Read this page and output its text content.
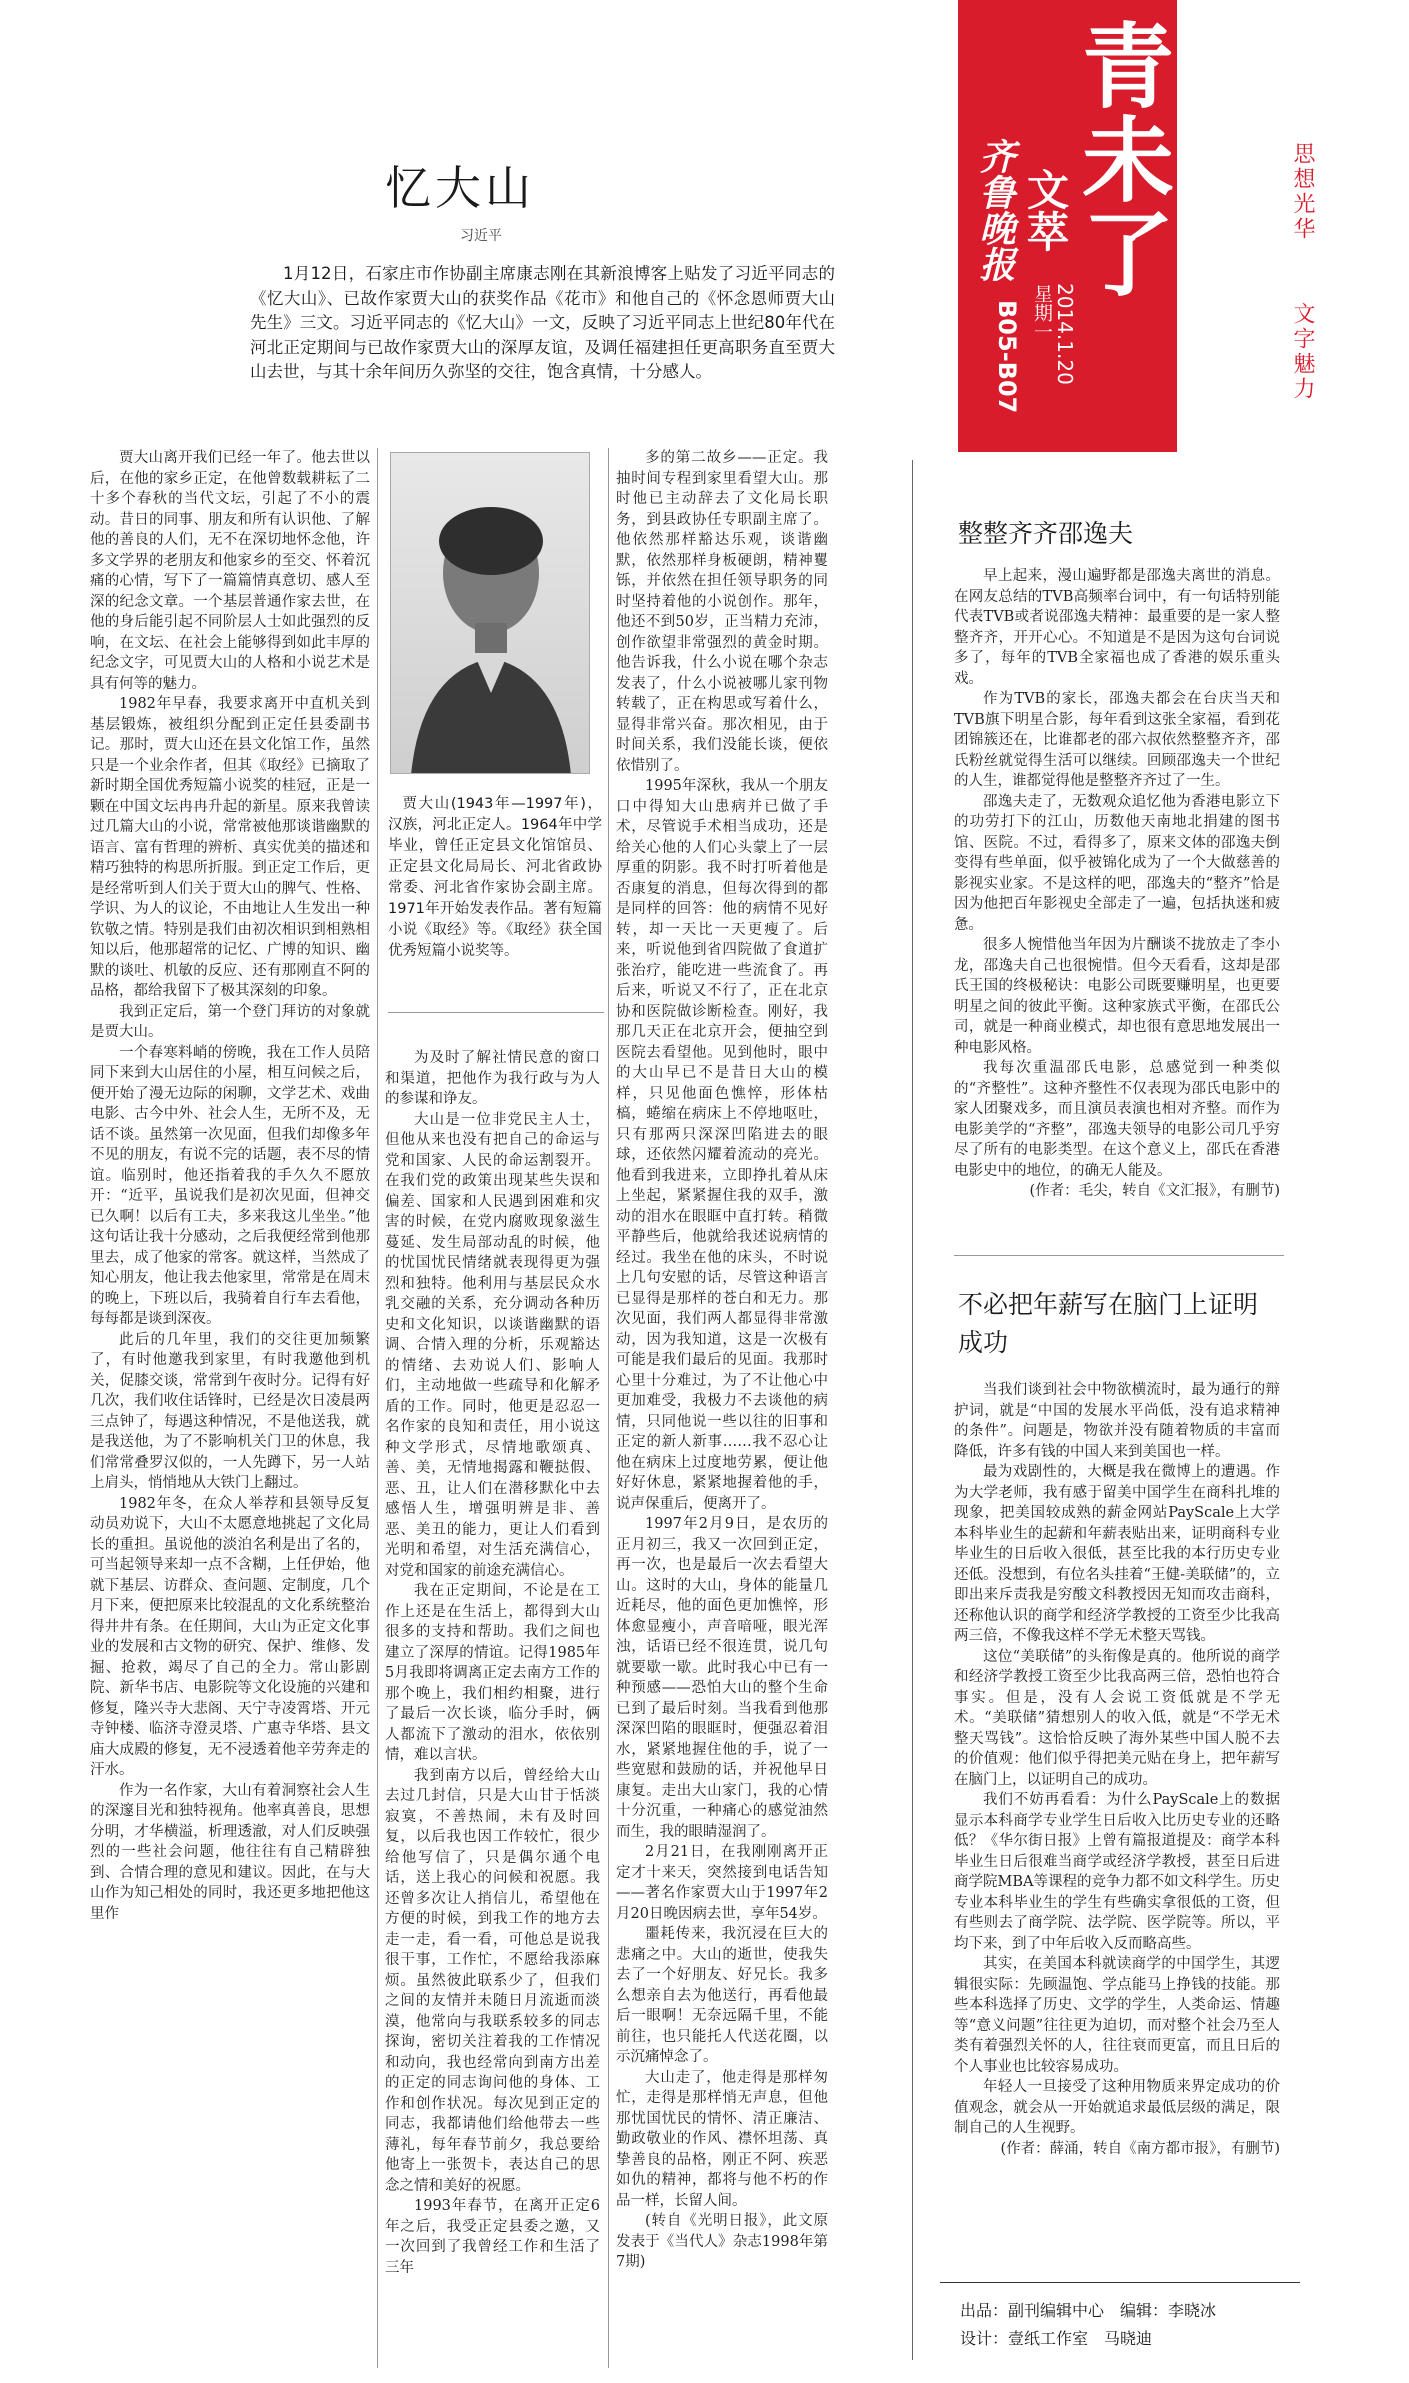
青未了
齐鲁晚报 文萃
星期一 2014.1.20
B05-B07
思想光华
文字魅力
忆大山
习近平
1月12日，石家庄市作协副主席康志刚在其新浪博客上贴发了习近平同志的《忆大山》、已故作家贾大山的获奖作品《花市》和他自己的《怀念恩师贾大山先生》三文。习近平同志的《忆大山》一文，反映了习近平同志上世纪80年代在河北正定期间与已故作家贾大山的深厚友谊，及调任福建担任更高职务直至贾大山去世，与其十余年间历久弥坚的交往，饱含真情，十分感人。

贾大山离开我们已经一年了。他去世以后，在他的家乡正定，在他曾数载耕耘了二十多个春秋的当代文坛，引起了不小的震动。昔日的同事、朋友和所有认识他、了解他的善良的人们，无不在深切地怀念他，许多文学界的老朋友和他家乡的至交、怀着沉痛的心情，写下了一篇篇情真意切、感人至深的纪念文章。一个基层普通作家去世，在他的身后能引起不同阶层人士如此强烈的反响，在文坛、在社会上能够得到如此丰厚的纪念文字，可见贾大山的人格和小说艺术是具有何等的魅力。

1982年早春，我要求离开中直机关到基层锻炼，被组织分配到正定任县委副书记。那时，贾大山还在县文化馆工作，虽然只是一个业余作者，但其《取经》已摘取了新时期全国优秀短篇小说奖的桂冠，正是一颗在中国文坛冉冉升起的新星。原来我曾读过几篇大山的小说，常常被他那谈谐幽默的语言、富有哲理的辨析、真实优美的描述和精巧独特的构思所折服。到正定工作后，更是经常听到人们关于贾大山的脾气、性格、学识、为人的议论，不由地让人生发出一种钦敬之情。特别是我们由初次相识到相熟相知以后，他那超常的记忆、广博的知识、幽默的谈吐、机敏的反应、还有那刚直不阿的品格，都给我留下了极其深刻的印象。

我到正定后，第一个登门拜访的对象就是贾大山。

一个春寒料峭的傍晚，我在工作人员陪同下来到大山居住的小屋，相互问候之后，便开始了漫无边际的闲聊，文学艺术、戏曲电影、古今中外、社会人生，无所不及，无话不谈。虽然第一次见面，但我们却像多年不见的朋友，有说不完的话题，表不尽的情谊。临别时，他还指着我的手久久不愿放开：“近平，虽说我们是初次见面，但神交已久啊！以后有工夫，多来我这儿坐坐。”他这句话让我十分感动，之后我便经常到他那里去，成了他家的常客。就这样，当然成了知心朋友，他让我去他家里，常常是在周末的晚上，下班以后，我骑着自行车去看他，每每都是谈到深夜。

此后的几年里，我们的交往更加频繁了，有时他邀我到家里，有时我邀他到机关，促膝交谈，常常到午夜时分。记得有好几次，我们收住话锋时，已经是次日凌晨两三点钟了，每遇这种情况，不是他送我，就是我送他，为了不影响机关门卫的休息，我们常常叠罗汉似的，一人先蹲下，另一人站上肩头，悄悄地从大铁门上翻过。

1982年冬，在众人举荐和县领导反复动员劝说下，大山不太愿意地挑起了文化局长的重担。虽说他的淡泊名利是出了名的，可当起领导来却一点不含糊，上任伊始，他就下基层、访群众、查问题、定制度，几个月下来，便把原来比较混乱的文化系统整治得井井有条。在任期间，大山为正定文化事业的发展和古文物的研究、保护、维修、发掘、抢救，竭尽了自己的全力。常山影剧院、新华书店、电影院等文化设施的兴建和修复，隆兴寺大悲阁、天宁寺凌霄塔、开元寺钟楼、临济寺澄灵塔、广惠寺华塔、县文庙大成殿的修复，无不浸透着他辛劳奔走的汗水。

作为一名作家，大山有着洞察社会人生的深邃目光和独特视角。他率真善良，思想分明，才华横溢，析理透澈，对人们反映强烈的一些社会问题，他往往有自己精辟独到、合情合理的意见和建议。因此，在与大山作为知己相处的同时，我还更多地把他这里作

贾大山(1943年—1997年)，汉族，河北正定人。1964年中学毕业，曾任正定县文化馆馆员、正定县文化局局长、河北省政协常委、河北省作家协会副主席。1971年开始发表作品。著有短篇小说《取经》等。《取经》获全国优秀短篇小说奖等。

为及时了解社情民意的窗口和渠道，把他作为我行政与为人的参谋和诤友。

大山是一位非党民主人士，但他从来也没有把自己的命运与党和国家、人民的命运割裂开。在我们党的政策出现某些失误和偏差、国家和人民遇到困难和灾害的时候，在党内腐败现象滋生蔓延、发生局部动乱的时候，他的忧国忧民情绪就表现得更为强烈和独特。他利用与基层民众水乳交融的关系，充分调动各种历史和文化知识，以谈谐幽默的语调、合情入理的分析，乐观豁达的情绪、去劝说人们、影响人们，主动地做一些疏导和化解矛盾的工作。同时，他更是忍忍一名作家的良知和责任，用小说这种文学形式，尽情地歌颂真、善、美，无情地揭露和鞭挞假、恶、丑，让人们在潜移默化中去感悟人生，增强明辨是非、善恶、美丑的能力，更让人们看到光明和希望，对生活充满信心，对党和国家的前途充满信心。

我在正定期间，不论是在工作上还是在生活上，都得到大山很多的支持和帮助。我们之间也建立了深厚的情谊。记得1985年5月我即将调离正定去南方工作的那个晚上，我们相约相聚，进行了最后一次长谈，临分手时，俩人都流下了激动的泪水，依依别情，难以言状。

我到南方以后，曾经给大山去过几封信，只是大山甘于恬淡寂寞，不善热闹，未有及时回复，以后我也因工作较忙，很少给他写信了，只是偶尔通个电话，送上我心的问候和祝愿。我还曾多次让人捎信儿，希望他在方便的时候，到我工作的地方去走一走，看一看，可他总是说我很干事，工作忙，不愿给我添麻烦。虽然彼此联系少了，但我们之间的友情并未随日月流逝而淡漠，他常向与我联系较多的同志探询，密切关注着我的工作情况和动向，我也经常向到南方出差的正定的同志询问他的身体、工作和创作状况。每次见到正定的同志，我都请他们给他带去一些薄礼，每年春节前夕，我总要给他寄上一张贺卡，表达自己的思念之情和美好的祝愿。

1993年春节，在离开正定6年之后，我受正定县委之邀，又一次回到了我曾经工作和生活了三年

多的第二故乡——正定。我抽时间专程到家里看望大山。那时他已主动辞去了文化局长职务，到县政协任专职副主席了。他依然那样豁达乐观，谈谐幽默，依然那样身板硬朗，精神矍铄，并依然在担任领导职务的同时坚持着他的小说创作。那年，他还不到50岁，正当精力充沛，创作欲望非常强烈的黄金时期。他告诉我，什么小说在哪个杂志发表了，什么小说被哪儿家刊物转载了，正在构思或写着什么，显得非常兴奋。那次相见，由于时间关系，我们没能长谈，便依依惜别了。

1995年深秋，我从一个朋友口中得知大山患病并已做了手术，尽管说手术相当成功，还是给关心他的人们心头蒙上了一层厚重的阴影。我不时打听着他是否康复的消息，但每次得到的都是同样的回答：他的病情不见好转，却一天比一天更瘦了。后来，听说他到省四院做了食道扩张治疗，能吃进一些流食了。再后来，听说又不行了，正在北京协和医院做诊断检查。刚好，我那几天正在北京开会，便抽空到医院去看望他。见到他时，眼中的大山早已不是昔日大山的模样，只见他面色憔悴，形体枯槁，蜷缩在病床上不停地呕吐，只有那两只深深凹陷进去的眼球，还依然闪耀着流动的亮光。他看到我进来，立即挣扎着从床上坐起，紧紧握住我的双手，激动的泪水在眼眶中直打转。稍微平静些后，他就给我述说病情的经过。我坐在他的床头，不时说上几句安慰的话，尽管这种语言已显得是那样的苍白和无力。那次见面，我们两人都显得非常激动，因为我知道，这是一次极有可能是我们最后的见面。我那时心里十分难过，为了不让他心中更加难受，我极力不去谈他的病情，只同他说一些以往的旧事和正定的新人新事……我不忍心让他在病床上过度地劳累，便让他好好休息，紧紧地握着他的手，说声保重后，便离开了。

1997年2月9日，是农历的正月初三，我又一次回到正定，再一次，也是最后一次去看望大山。这时的大山，身体的能量几近耗尽，他的面色更加憔悴，形体愈显瘦小，声音喑哑，眼光浑浊，话语已经不很连贯，说几句就要歇一歇。此时我心中已有一种预感——恐怕大山的整个生命已到了最后时刻。当我看到他那深深凹陷的眼眶时，便强忍着泪水，紧紧地握住他的手，说了一些宽慰和鼓励的话，并祝他早日康复。走出大山家门，我的心情十分沉重，一种痛心的感觉油然而生，我的眼睛湿润了。

2月21日，在我刚刚离开正定才十来天，突然接到电话告知——著名作家贾大山于1997年2月20日晚因病去世，享年54岁。

噩耗传来，我沉浸在巨大的悲痛之中。大山的逝世，使我失去了一个好朋友、好兄长。我多么想亲自去为他送行，再看他最后一眼啊！无奈远隔千里，不能前往，也只能托人代送花圈，以示沉痛悼念了。

大山走了，他走得是那样匆忙，走得是那样悄无声息，但他那忧国忧民的情怀、清正廉洁、勤政敬业的作风、襟怀坦荡、真挚善良的品格，刚正不阿、疾恶如仇的精神，都将与他不朽的作品一样，长留人间。

(转自《光明日报》，此文原发表于《当代人》杂志1998年第7期)

整整齐齐邵逸夫

早上起来，漫山遍野都是邵逸夫离世的消息。在网友总结的TVB高频率台词中，有一句话特别能代表TVB或者说邵逸夫精神：最重要的是一家人整整齐齐，开开心心。不知道是不是因为这句台词说多了，每年的TVB全家福也成了香港的娱乐重头戏。

作为TVB的家长，邵逸夫都会在台庆当天和TVB旗下明星合影，每年看到这张全家福，看到花团锦簇还在，比谁都老的邵六叔依然整整齐齐，邵氏粉丝就觉得生活可以继续。回顾邵逸夫一个世纪的人生，谁都觉得他是整整齐齐过了一生。

邵逸夫走了，无数观众追忆他为香港电影立下的功劳打下的江山，历数他天南地北捐建的图书馆、医院。不过，看得多了，原来文体的邵逸夫倒变得有些单面，似乎被锦化成为了一个大做慈善的影视实业家。不是这样的吧，邵逸夫的“整齐”恰是因为他把百年影视史全部走了一遍，包括执迷和疲惫。

很多人惋惜他当年因为片酬谈不拢放走了李小龙，邵逸夫自己也很惋惜。但今天看看，这却是邵氏王国的终极秘诀：电影公司既要赚明星，也更要明星之间的彼此平衡。这种家族式平衡，在邵氏公司，就是一种商业模式，却也很有意思地发展出一种电影风格。

我每次重温邵氏电影，总感觉到一种类似的“齐整性”。这种齐整性不仅表现为邵氏电影中的家人团聚戏多，而且演员表演也相对齐整。而作为电影美学的“齐整”，邵逸夫领导的电影公司几乎穷尽了所有的电影类型。在这个意义上，邵氏在香港电影史中的地位，的确无人能及。

(作者：毛尖，转自《文汇报》，有删节)

不必把年薪写在脑门上证明成功

当我们谈到社会中物欲横流时，最为通行的辩护词，就是“中国的发展水平尚低，没有追求精神的条件”。问题是，物欲并没有随着物质的丰富而降低，许多有钱的中国人来到美国也一样。

最为戏剧性的，大概是我在微博上的遭遇。作为大学老师，我有感于留美中国学生在商科扎堆的现象，把美国较成熟的薪金网站PayScale上大学本科毕业生的起薪和年薪表贴出来，证明商科专业毕业生的日后收入很低，甚至比我的本行历史专业还低。没想到，有位名头挂着“王健-美联储”的，立即出来斥责我是穷酸文科教授因无知而攻击商科，还称他认识的商学和经济学教授的工资至少比我高两三倍，不像我这样不学无术整天骂钱。

这位“美联储”的头衔像是真的。他所说的商学和经济学教授工资至少比我高两三倍，恐怕也符合事实。但是，没有人会说工资低就是不学无术。“美联储”猜想别人的收入低，就是“不学无术整天骂钱”。这恰恰反映了海外某些中国人脱不去的价值观：他们似乎得把美元贴在身上，把年薪写在脑门上，以证明自己的成功。

我们不妨再看看：为什么PayScale上的数据显示本科商学专业学生日后收入比历史专业的还略低？《华尔街日报》上曾有篇报道提及：商学本科毕业生日后很难当商学或经济学教授，甚至日后进商学院MBA等课程的竞争力都不如文科学生。历史专业本科毕业生的学生有些确实拿很低的工资，但有些则去了商学院、法学院、医学院等。所以，平均下来，到了中年后收入反而略高些。

其实，在美国本科就读商学的中国学生，其逻辑很实际：先顾温饱、学点能马上挣钱的技能。那些本科选择了历史、文学的学生，人类命运、情趣等“意义问题”往往更为迫切，而对整个社会乃至人类有着强烈关怀的人，往往衰而更富，而且日后的个人事业也比较容易成功。

年轻人一旦接受了这种用物质来界定成功的价值观念，就会从一开始就追求最低层级的满足，限制自己的人生视野。

(作者：薛涌，转自《南方都市报》，有删节)

出品：副刊编辑中心　编辑：李晓冰
设计：壹纸工作室　马晓迪
